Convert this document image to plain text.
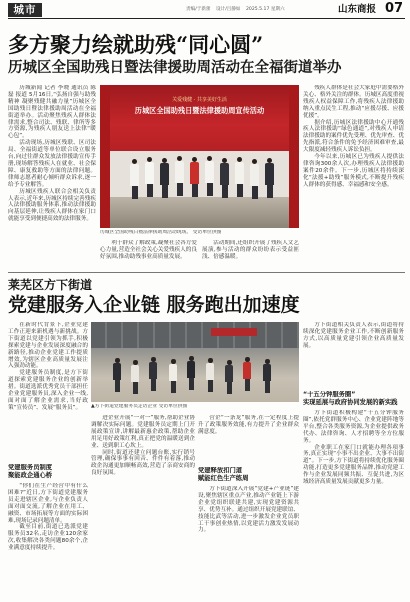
城市	责编/于新蕾 设计/吕静如 2025.5.17 星期六	山东商报 07
多方聚力绘就助残“同心圆”
历城区全国助残日暨法律援助周活动在全福街道举办

历城新闻 记者 李晓 通讯员 陈磊 报道 5月16日,“弘扬自强与助残精神 凝聚残健共融力量”历城区全国助残日暨法律援助周活动在全福街道举办。活动聚焦残疾人群体法律需求,整合司法、残联、律所等多方资源,为残疾人朋友送上法律“暖心包”。

活动现场,历城区残联、区司法局、全福街道等单位联合设立服务台,向过往群众发放法律援助宣传手册,现场解答残疾人在就业、社会保障、康复救助等方面的法律问题。律师志愿者耐心倾听群众诉求,逐一给予专业解答。

历城区残疾人联合会相关负责人表示,近年来,历城区持续完善残疾人法律援助服务体系,推动法律援助向基层延伸,让残疾人群体在家门口就能享受到便捷高效的法律服务。

关爱残健 · 共享美好生活
历城区全国助残日暨法律援助周宣传活动
历城区全国助残日暨法律援助周活动现场。 受访单位供图

利于群众了解政策,凝聚社会各方爱心力量,营造全社会关心关爱残疾人的良好氛围,推动助残事业高质量发展。

活动期间,还组织开展了残疾人文艺展演,参与活动的群众纷纷表示受益匪浅、倍感温暖。

残疾人群体是社会大家庭中需要格外关心、格外关注的群体。历城区高度重视残疾人权益保障工作,将残疾人法律援助纳入重点民生工程,推动“应援尽援、应援优援”。

据介绍,历城区法律援助中心开通残疾人法律援助“绿色通道”,对残疾人申请法律援助的案件优先受理、优先审查、优先指派,符合条件的免予经济困难审查,最大限度减轻残疾人诉讼负担。

今年以来,历城区已为残疾人提供法律咨询300余人次,办理残疾人法律援助案件20余件。下一步,历城区将持续深化“法援+助残”服务模式,不断提升残疾人群体的获得感、幸福感和安全感。

莱芜区方下街道
党建服务入企业链 服务跑出加速度

在新时代背景下,企业党建工作正迎来新机遇与新挑战。方下街道以党建引领为抓手,积极探索党建与企业发展深度融合的新路径,推动企业党建工作提质增效,为辖区企业高质量发展注入强劲动能。

党建服务员制度,是方下街道探索党建服务企业的创新举措。街道选派优秀党员干部担任企业党建服务员,深入企业一线,面对面了解企业需求,当好政策“宣传员”、发展“服务员”。

党建服务员制度
聚能政企通心桥

“你们在生产经营中有什么困难?”近日,方下街道党建服务员走进辖区企业,与企业负责人面对面交流,了解企业在用工、融资、市场拓展等方面的实际困难,现场记录问题清单。

截至目前,街道已选派党建服务员32名,走访企业120余家次,收集解决各类问题80余个,企业满意度持续提升。

▲方下街道党建服务员走访企业 受访单位供图

进企业开展“一对一”服务,帮助企业协调解决实际问题。党建服务员定期上门开展政策宣讲,讲解最新惠企政策,帮助企业用足用好政策红利,真正把党的温暖送到企业、送到职工心坎上。

同时,街道还建立问题台账,实行销号管理,确保事事有回音、件件有着落,推动政企沟通更加顺畅高效,营造了亲商安商的良好氛围。

营企“一条龙”服务,在一定程度上提升了政策服务效能,有力提升了企业群众满意度。

党建释放扣门道
赋能红色生产练周

方下街道深入开展“党建+产业链”建设,聚焦辖区重点产业,推动产业链上下游企业党组织联建共建,实现党建资源共享、优势互补。通过组织开展党建联谊、技能比武等活动,进一步激发企业党员职工干事创业热情,以党建活力激发发展动力。

方下街道相关负责人表示,街道将持续深化党建服务企业工作,不断创新服务方式,以高质量党建引领企业高质量发展。

“十五分钟服务圈”
实现延展与政府协同发展的新实践

方下街道积极构建“十五分钟服务圈”,依托党群服务中心、企业党建阵地等平台,整合各类服务资源,为企业提供政务代办、法律咨询、人才招聘等全方位服务。

企业职工在家门口就能办理各项事务,真正实现“小事不出企业、大事不出街道”。下一步,方下街道将持续优化服务圈功能,打造更多党建服务品牌,推动党建工作与企业发展同频共振、互促共进,为区域经济高质量发展贡献更多力量。
